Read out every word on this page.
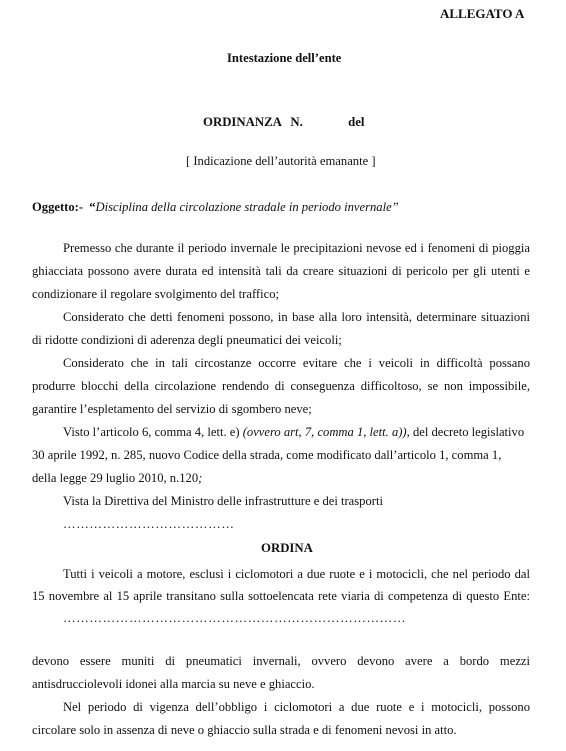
ALLEGATO A
Intestazione dell’ente
ORDINANZA N.	del
[ Indicazione dell’autorità emanante ]
Oggetto:- “Disciplina della circolazione stradale in periodo invernale”
Premesso che durante il periodo invernale le precipitazioni nevose ed i fenomeni di pioggia
ghiacciata possono avere durata ed intensità tali da creare situazioni di pericolo per gli utenti e
condizionare il regolare svolgimento del traffico;
Considerato che detti fenomeni possono, in base alla loro intensità, determinare situazioni
di ridotte condizioni di aderenza degli pneumatici dei veicoli;
Considerato che in tali circostanze occorre evitare che i veicoli in difficoltà possano
produrre blocchi della circolazione rendendo di conseguenza difficoltoso, se non impossibile,
garantire l’espletamento del servizio di sgombero neve;
Visto l’articolo 6, comma 4, lett. e) (ovvero art, 7, comma 1, lett. a)), del decreto legislativo
30 aprile 1992, n. 285, nuovo Codice della strada, come modificato dall’articolo 1, comma 1,
della legge 29 luglio 2010, n.120;
Vista la Direttiva del Ministro delle infrastrutture e dei trasporti
…………………………………
ORDINA
Tutti i veicoli a motore, esclusi i ciclomotori a due ruote e i motocicli, che nel periodo dal
15 novembre al 15 aprile transitano sulla sottoelencata rete viaria di competenza di questo Ente:
……………………………………………………………………
devono essere muniti di pneumatici invernali, ovvero devono avere a bordo mezzi
antisdrucciolevoli idonei alla marcia su neve e ghiaccio.
Nel periodo di vigenza dell’obbligo i ciclomotori a due ruote e i motocicli, possono
circolare solo in assenza di neve o ghiaccio sulla strada e di fenomeni nevosi in atto.
